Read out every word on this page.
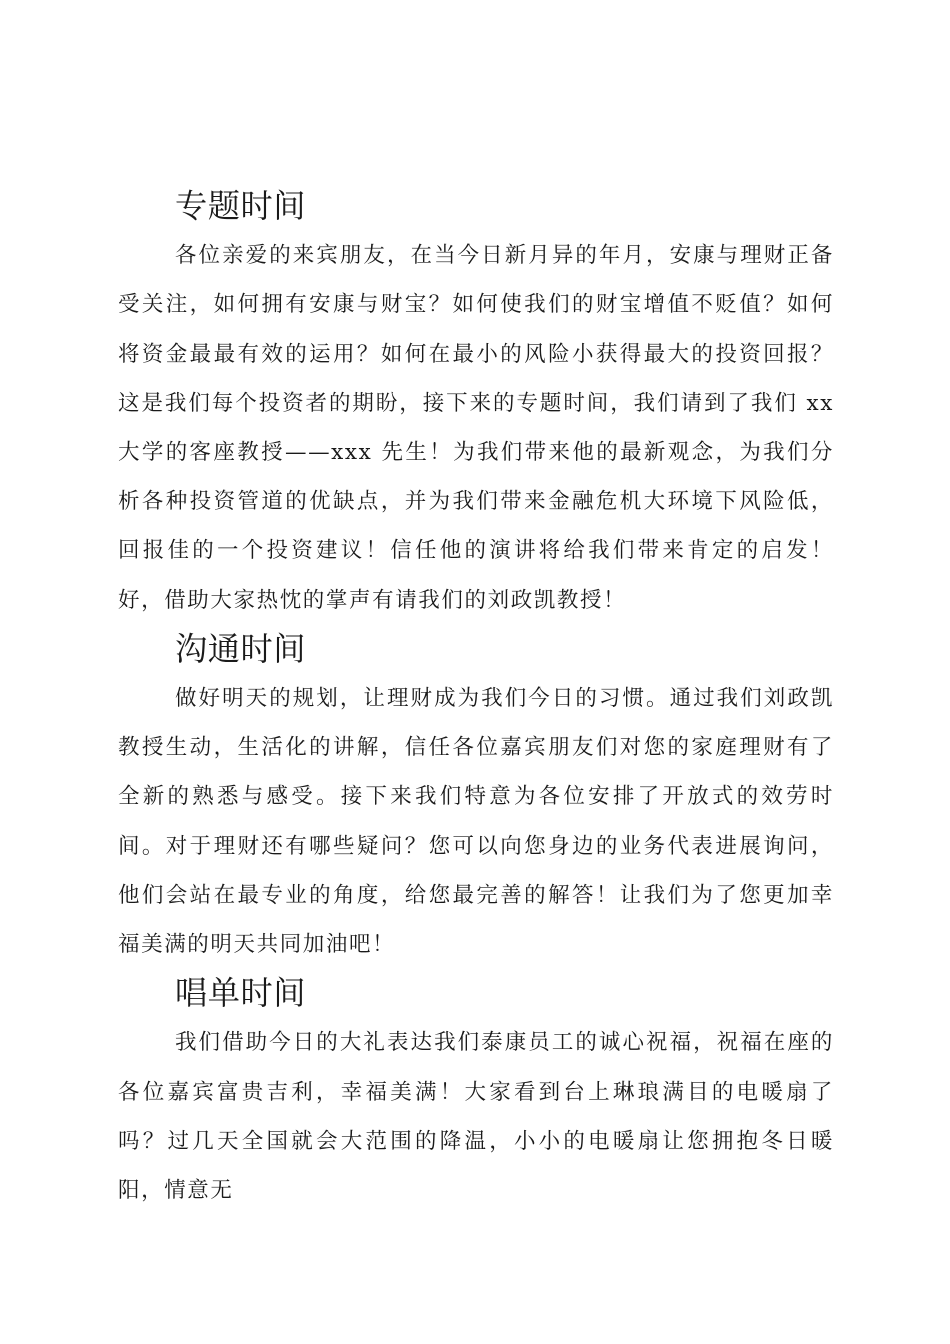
专题时间

各位亲爱的来宾朋友，在当今日新月异的年月，安康与理财正备受关注，如何拥有安康与财宝？如何使我们的财宝增值不贬值？如何将资金最最有效的运用？如何在最小的风险小获得最大的投资回报？这是我们每个投资者的期盼，接下来的专题时间，我们请到了我们 xx 大学的客座教授——xxx 先生！为我们带来他的最新观念，为我们分析各种投资管道的优缺点，并为我们带来金融危机大环境下风险低，回报佳的一个投资建议！信任他的演讲将给我们带来肯定的启发！好，借助大家热忱的掌声有请我们的刘政凯教授！

沟通时间

做好明天的规划，让理财成为我们今日的习惯。通过我们刘政凯教授生动，生活化的讲解，信任各位嘉宾朋友们对您的家庭理财有了全新的熟悉与感受。接下来我们特意为各位安排了开放式的效劳时间。对于理财还有哪些疑问？您可以向您身边的业务代表进展询问，他们会站在最专业的角度，给您最完善的解答！让我们为了您更加幸福美满的明天共同加油吧！

唱单时间

我们借助今日的大礼表达我们泰康员工的诚心祝福，祝福在座的各位嘉宾富贵吉利，幸福美满！大家看到台上琳琅满目的电暖扇了吗？过几天全国就会大范围的降温，小小的电暖扇让您拥抱冬日暖阳，情意无
